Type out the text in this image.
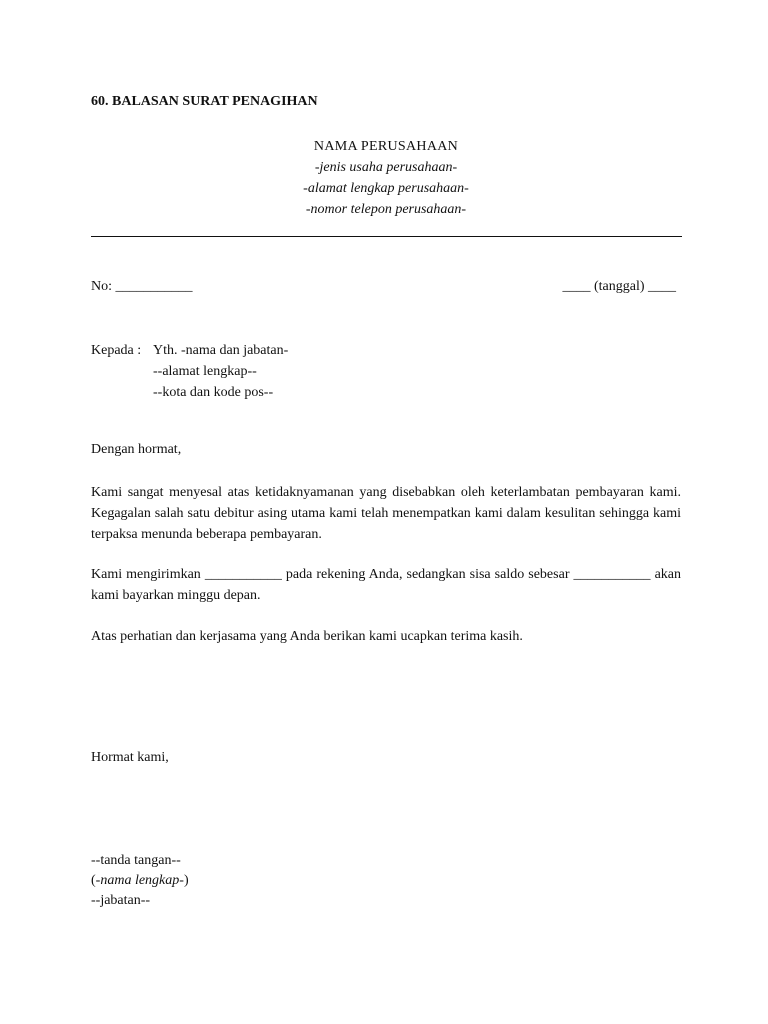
60. BALASAN SURAT PENAGIHAN
NAMA PERUSAHAAN
-jenis usaha perusahaan-
-alamat lengkap perusahaan-
-nomor telepon perusahaan-
No: ___________	____ (tanggal) ____
Kepada : Yth. -nama dan jabatan-
--alamat lengkap--
--kota dan kode pos--
Dengan hormat,
Kami sangat menyesal atas ketidaknyamanan yang disebabkan oleh keterlambatan pembayaran kami. Kegagalan salah satu debitur asing utama kami telah menempatkan kami dalam kesulitan sehingga kami terpaksa menunda beberapa pembayaran.
Kami mengirimkan ___________ pada rekening Anda, sedangkan sisa saldo sebesar ___________ akan kami bayarkan minggu depan.
Atas perhatian dan kerjasama yang Anda berikan kami ucapkan terima kasih.
Hormat kami,
--tanda tangan--
(-nama lengkap-)
--jabatan--
